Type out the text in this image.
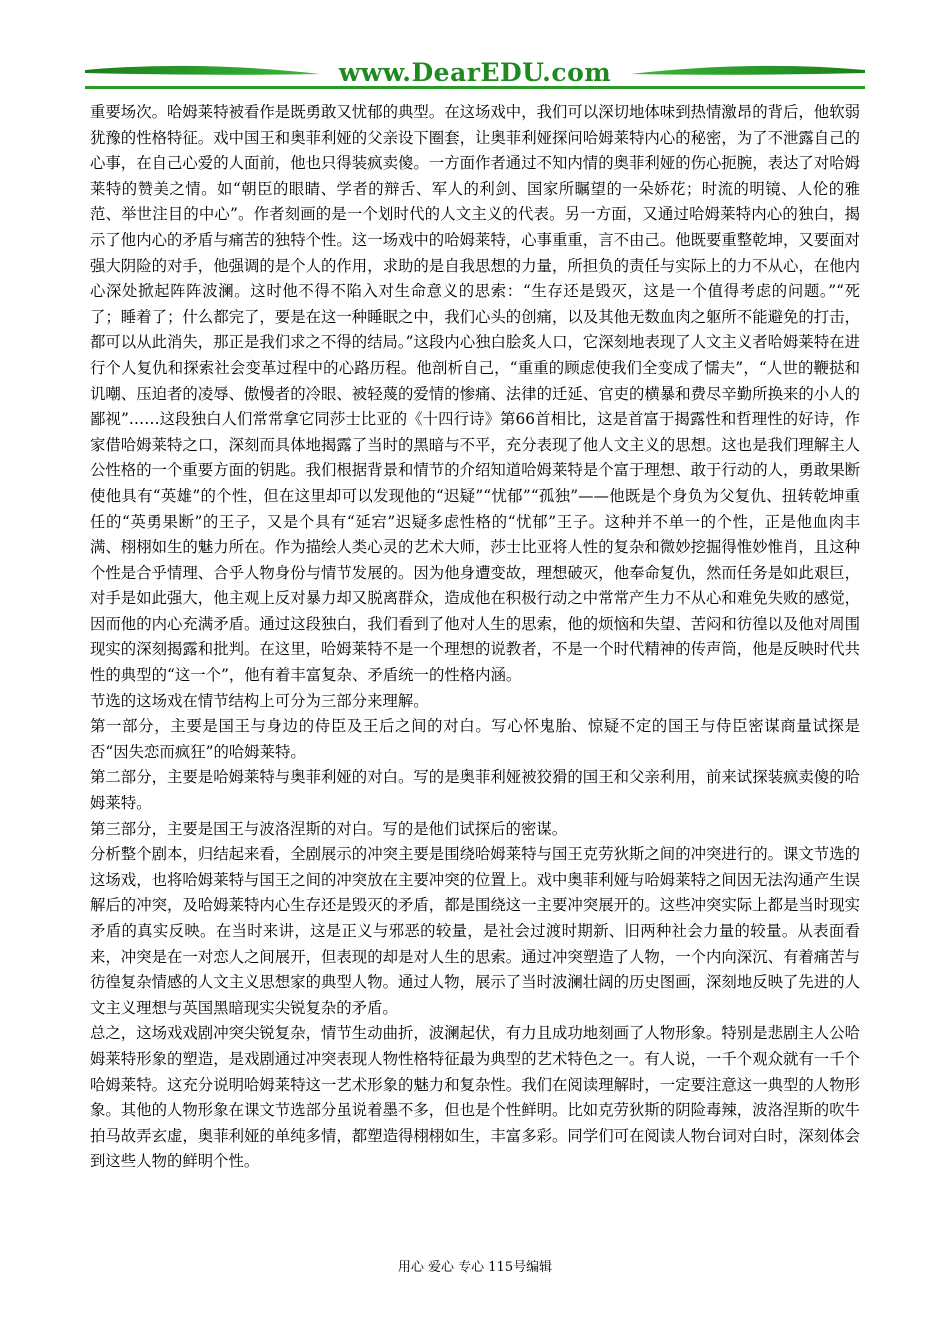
www.DearEDU.com

重要场次。哈姆莱特被看作是既勇敢又忧郁的典型。在这场戏中，我们可以深切地体味到热情激昂的背后，他软弱犹豫的性格特征。戏中国王和奥菲利娅的父亲设下圈套，让奥菲利娅探问哈姆莱特内心的秘密，为了不泄露自己的心事，在自己心爱的人面前，他也只得装疯卖傻。一方面作者通过不知内情的奥菲利娅的伤心扼腕，表达了对哈姆莱特的赞美之情。如“朝臣的眼睛、学者的辩舌、军人的利剑、国家所瞩望的一朵娇花；时流的明镜、人伦的雅范、举世注目的中心”。作者刻画的是一个划时代的人文主义的代表。另一方面，又通过哈姆莱特内心的独白，揭示了他内心的矛盾与痛苦的独特个性。这一场戏中的哈姆莱特，心事重重，言不由己。他既要重整乾坤，又要面对强大阴险的对手，他强调的是个人的作用，求助的是自我思想的力量，所担负的责任与实际上的力不从心，在他内心深处掀起阵阵波澜。这时他不得不陷入对生命意义的思索：“生存还是毁灭，这是一个值得考虑的问题。”“死了；睡着了；什么都完了，要是在这一种睡眠之中，我们心头的创痛，以及其他无数血肉之躯所不能避免的打击，都可以从此消失，那正是我们求之不得的结局。”这段内心独白脍炙人口，它深刻地表现了人文主义者哈姆莱特在进行个人复仇和探索社会变革过程中的心路历程。他剖析自己，“重重的顾虑使我们全变成了懦夫”，“人世的鞭挞和讥嘲、压迫者的凌辱、傲慢者的冷眼、被轻蔑的爱情的惨痛、法律的迁延、官吏的横暴和费尽辛勤所换来的小人的鄙视”……这段独白人们常常拿它同莎士比亚的《十四行诗》第66首相比，这是首富于揭露性和哲理性的好诗，作家借哈姆莱特之口，深刻而具体地揭露了当时的黑暗与不平，充分表现了他人文主义的思想。这也是我们理解主人公性格的一个重要方面的钥匙。我们根据背景和情节的介绍知道哈姆莱特是个富于理想、敢于行动的人，勇敢果断使他具有“英雄”的个性，但在这里却可以发现他的“迟疑”“忧郁”“孤独”——他既是个身负为父复仇、扭转乾坤重任的“英勇果断”的王子，又是个具有“延宕”迟疑多虑性格的“忧郁”王子。这种并不单一的个性，正是他血肉丰满、栩栩如生的魅力所在。作为描绘人类心灵的艺术大师，莎士比亚将人性的复杂和微妙挖掘得惟妙惟肖，且这种个性是合乎情理、合乎人物身份与情节发展的。因为他身遭变故，理想破灭，他奉命复仇，然而任务是如此艰巨，对手是如此强大，他主观上反对暴力却又脱离群众，造成他在积极行动之中常常产生力不从心和难免失败的感觉，因而他的内心充满矛盾。通过这段独白，我们看到了他对人生的思索，他的烦恼和失望、苦闷和彷徨以及他对周围现实的深刻揭露和批判。在这里，哈姆莱特不是一个理想的说教者，不是一个时代精神的传声筒，他是反映时代共性的典型的“这一个”，他有着丰富复杂、矛盾统一的性格内涵。

节选的这场戏在情节结构上可分为三部分来理解。

第一部分，主要是国王与身边的侍臣及王后之间的对白。写心怀鬼胎、惊疑不定的国王与侍臣密谋商量试探是否“因失恋而疯狂”的哈姆莱特。

第二部分，主要是哈姆莱特与奥菲利娅的对白。写的是奥菲利娅被狡猾的国王和父亲利用，前来试探装疯卖傻的哈姆莱特。

第三部分，主要是国王与波洛涅斯的对白。写的是他们试探后的密谋。

分析整个剧本，归结起来看，全剧展示的冲突主要是围绕哈姆莱特与国王克劳狄斯之间的冲突进行的。课文节选的这场戏，也将哈姆莱特与国王之间的冲突放在主要冲突的位置上。戏中奥菲利娅与哈姆莱特之间因无法沟通产生误解后的冲突，及哈姆莱特内心生存还是毁灭的矛盾，都是围绕这一主要冲突展开的。这些冲突实际上都是当时现实矛盾的真实反映。在当时来讲，这是正义与邪恶的较量，是社会过渡时期新、旧两种社会力量的较量。从表面看来，冲突是在一对恋人之间展开，但表现的却是对人生的思索。通过冲突塑造了人物，一个内向深沉、有着痛苦与彷徨复杂情感的人文主义思想家的典型人物。通过人物，展示了当时波澜壮阔的历史图画，深刻地反映了先进的人文主义理想与英国黑暗现实尖锐复杂的矛盾。

总之，这场戏戏剧冲突尖锐复杂，情节生动曲折，波澜起伏，有力且成功地刻画了人物形象。特别是悲剧主人公哈姆莱特形象的塑造，是戏剧通过冲突表现人物性格特征最为典型的艺术特色之一。有人说，一千个观众就有一千个哈姆莱特。这充分说明哈姆莱特这一艺术形象的魅力和复杂性。我们在阅读理解时，一定要注意这一典型的人物形象。其他的人物形象在课文节选部分虽说着墨不多，但也是个性鲜明。比如克劳狄斯的阴险毒辣，波洛涅斯的吹牛拍马故弄玄虚，奥菲利娅的单纯多情，都塑造得栩栩如生，丰富多彩。同学们可在阅读人物台词对白时，深刻体会到这些人物的鲜明个性。

用心 爱心 专心 115号编辑
